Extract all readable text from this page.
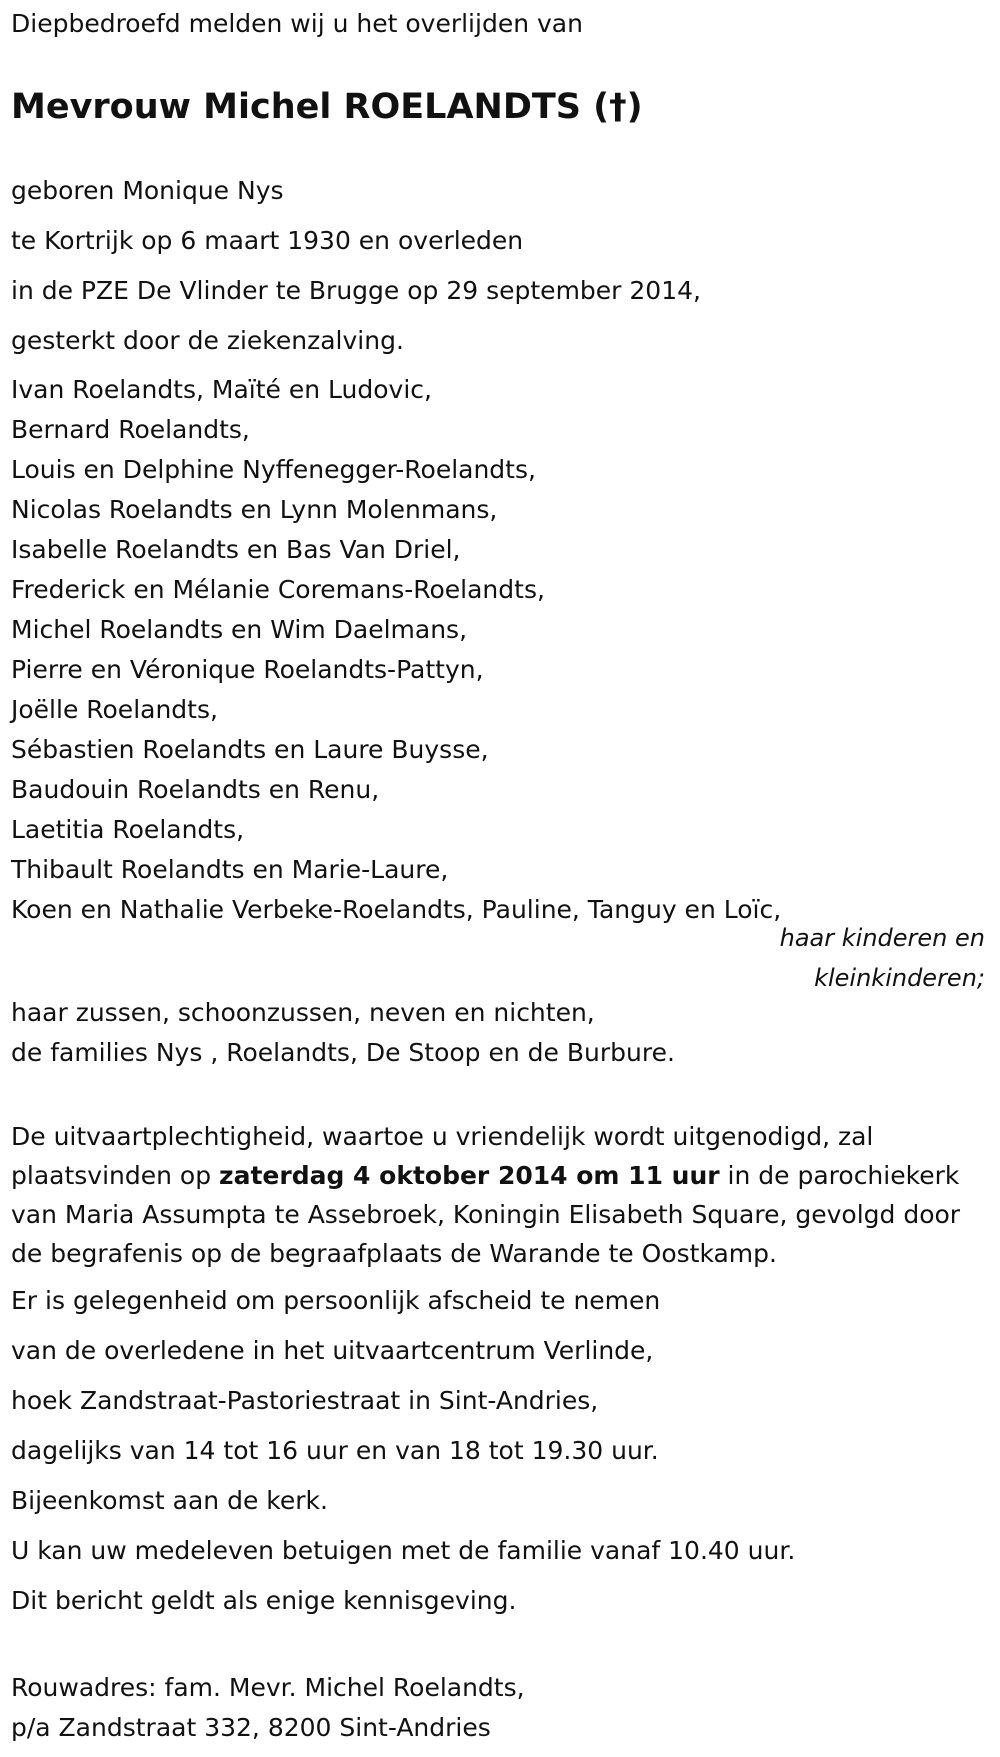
Diepbedroefd melden wij u het overlijden van
Mevrouw Michel ROELANDTS (†)
geboren Monique Nys
te Kortrijk op 6 maart 1930 en overleden
in de PZE De Vlinder te Brugge op 29 september 2014,
gesterkt door de ziekenzalving.
Ivan Roelandts, Maïté en Ludovic,
Bernard Roelandts,
Louis en Delphine Nyffenegger-Roelandts,
Nicolas Roelandts en Lynn Molenmans,
Isabelle Roelandts en Bas Van Driel,
Frederick en Mélanie Coremans-Roelandts,
Michel Roelandts en Wim Daelmans,
Pierre en Véronique Roelandts-Pattyn,
Joëlle Roelandts,
Sébastien Roelandts en Laure Buysse,
Baudouin Roelandts en Renu,
Laetitia Roelandts,
Thibault Roelandts en Marie-Laure,
Koen en Nathalie Verbeke-Roelandts, Pauline, Tanguy en Loïc,
haar kinderen en
kleinkinderen;
haar zussen, schoonzussen, neven en nichten,
de families Nys , Roelandts, De Stoop en de Burbure.

De uitvaartplechtigheid, waartoe u vriendelijk wordt uitgenodigd, zal plaatsvinden op zaterdag 4 oktober 2014 om 11 uur in de parochiekerk van Maria Assumpta te Assebroek, Koningin Elisabeth Square, gevolgd door de begrafenis op de begraafplaats de Warande te Oostkamp.

Er is gelegenheid om persoonlijk afscheid te nemen
van de overledene in het uitvaartcentrum Verlinde,
hoek Zandstraat-Pastoriestraat in Sint-Andries,
dagelijks van 14 tot 16 uur en van 18 tot 19.30 uur.
Bijeenkomst aan de kerk.
U kan uw medeleven betuigen met de familie vanaf 10.40 uur.
Dit bericht geldt als enige kennisgeving.
Rouwadres: fam. Mevr. Michel Roelandts,
p/a Zandstraat 332, 8200 Sint-Andries
